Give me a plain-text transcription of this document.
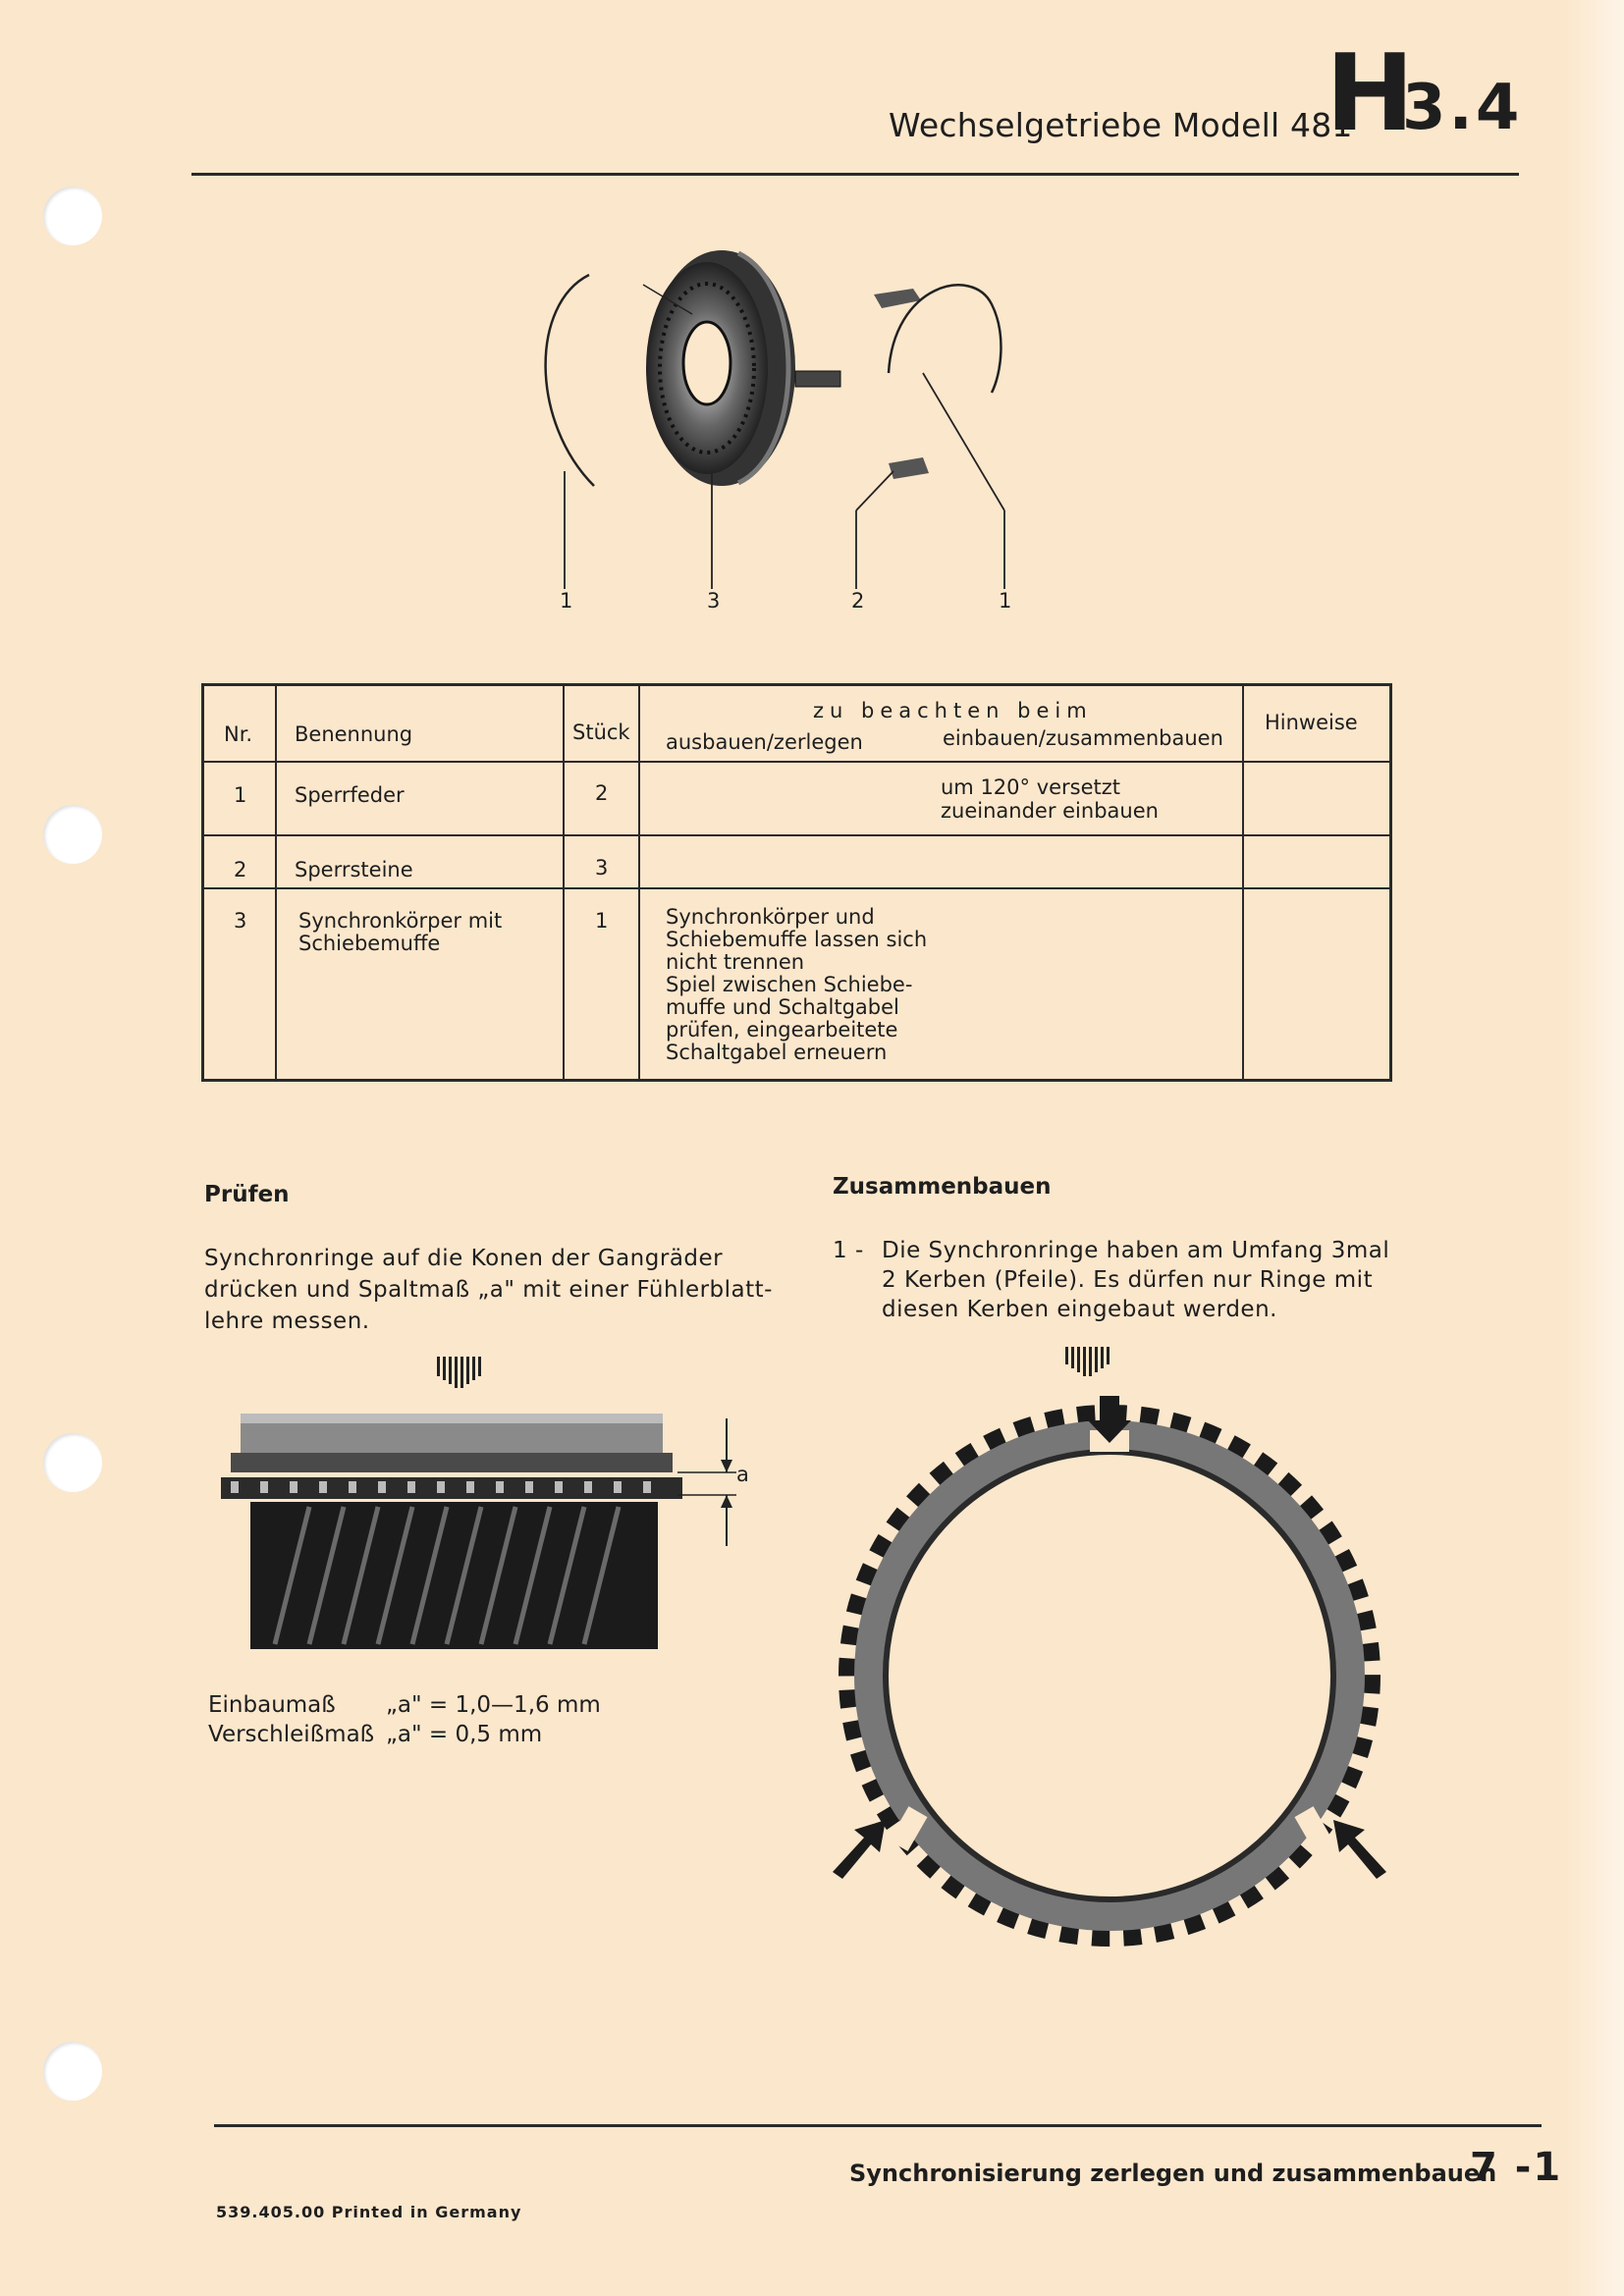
Wechselgetriebe Modell 481
H
3.4
1	3	2	1
Nr. Benennung	Stück
zu beachten beim
ausbauen/zerlegen	einbauen/zusammenbauen
Hinweise
1 Sperrfeder	2	um 120° versetzt
zueinander einbauen
2 Sperrsteine	3
3	Synchronkörper mit
Schiebemuffe
1	Synchronkörper und
Schiebemuffe lassen sich
nicht trennen
Spiel zwischen Schiebe-
muffe und Schaltgabel
prüfen, eingearbeitete
Schaltgabel erneuern
Prüfen
Synchronringe auf die Konen der Gangräder
drücken und Spaltmaß „a" mit einer Fühlerblatt-
lehre messen.
a
Einbaumaß „a" = 1,0—1,6 mm
Verschleißmaß „a" = 0,5 mm
Zusammenbauen
1 - Die Synchronringe haben am Umfang 3mal
2 Kerben (Pfeile). Es dürfen nur Ringe mit
diesen Kerben eingebaut werden.
Synchronisierung zerlegen und zusammenbauen
7 -1
539.405.00 Printed in Germany
